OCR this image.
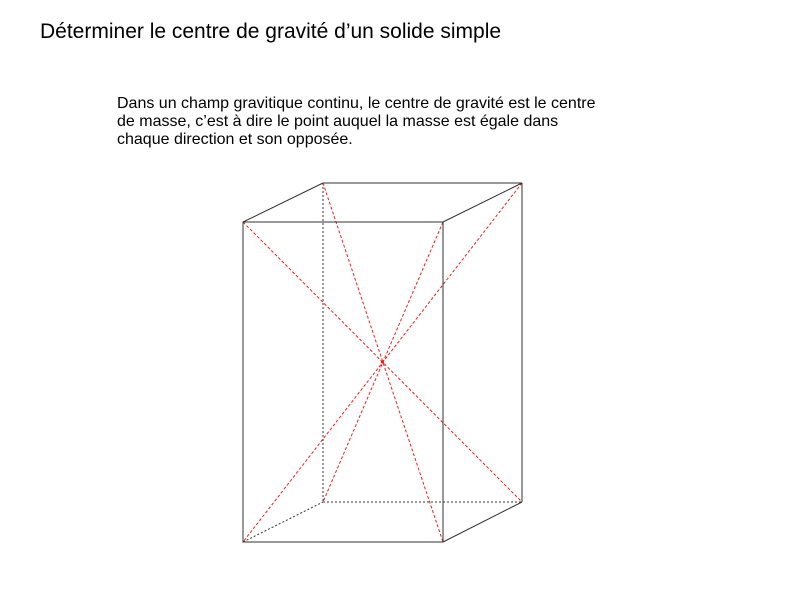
Déterminer le centre de gravité d’un solide simple
Dans un champ gravitique continu, le centre de gravité est le centre
de masse, c’est à dire le point auquel la masse est égale dans
chaque direction et son opposée.
